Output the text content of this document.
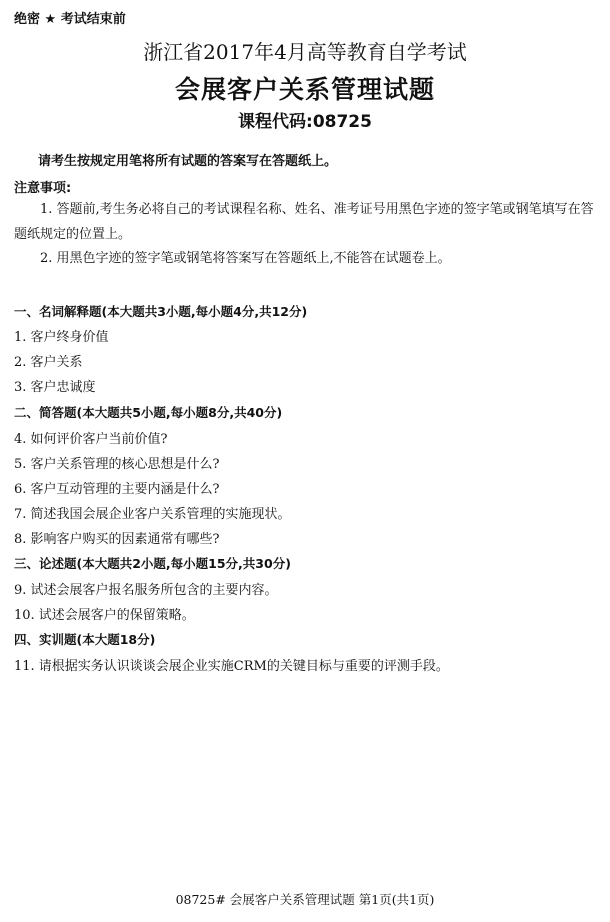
绝密 ★ 考试结束前
浙江省2017年4月高等教育自学考试
会展客户关系管理试题
课程代码:08725
请考生按规定用笔将所有试题的答案写在答题纸上。
注意事项:
1. 答题前,考生务必将自己的考试课程名称、姓名、准考证号用黑色字迹的签字笔或钢笔填写在答题纸规定的位置上。
2. 用黑色字迹的签字笔或钢笔将答案写在答题纸上,不能答在试题卷上。
一、名词解释题(本大题共3小题,每小题4分,共12分)
1. 客户终身价值
2. 客户关系
3. 客户忠诚度
二、简答题(本大题共5小题,每小题8分,共40分)
4. 如何评价客户当前价值?
5. 客户关系管理的核心思想是什么?
6. 客户互动管理的主要内涵是什么?
7. 简述我国会展企业客户关系管理的实施现状。
8. 影响客户购买的因素通常有哪些?
三、论述题(本大题共2小题,每小题15分,共30分)
9. 试述会展客户报名服务所包含的主要内容。
10. 试述会展客户的保留策略。
四、实训题(本大题18分)
11. 请根据实务认识谈谈会展企业实施CRM的关键目标与重要的评测手段。
08725# 会展客户关系管理试题 第1页(共1页)
